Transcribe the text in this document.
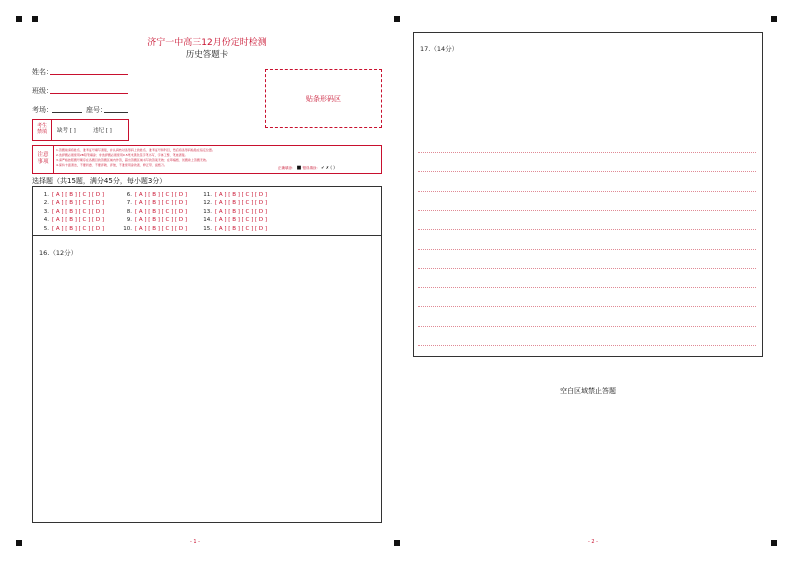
济宁一中高三12月份定时检测
历史答题卡
姓名：
班级：
考场：	座号：
贴条形码区
考生
禁填	缺考 [ ]	违纪 [ ]
注意
事项
1.答题前请将姓名、准考证号填写清楚，并认真核对条形码上的姓名、准考证号和科目，然后将条形码粘贴在指定位置。
2.选择题必须使用2B铅笔填涂；非选择题必须使用0.5毫米黑色签字笔书写，字体工整、笔迹清楚。
3.请严格按照题号顺序在各题目的答题区域内作答，超出答题区域书写的答案无效；在草稿纸、试题卷上答题无效。
4.保持卡面清洁，不要折叠、不要弄破、弄皱，不准使用涂改液、修正带、刮纸刀。
正确填涂： ■ 错误填涂： ✔ ✗ ( )
选择题（共15题，满分45分，每小题3分）
1. [ A ] [ B ] [ C ] [ D ]
2. [ A ] [ B ] [ C ] [ D ]
3. [ A ] [ B ] [ C ] [ D ]
4. [ A ] [ B ] [ C ] [ D ]
5. [ A ] [ B ] [ C ] [ D ]
6. [ A ] [ B ] [ C ] [ D ]
7. [ A ] [ B ] [ C ] [ D ]
8. [ A ] [ B ] [ C ] [ D ]
9. [ A ] [ B ] [ C ] [ D ]
10. [ A ] [ B ] [ C ] [ D ]
11. [ A ] [ B ] [ C ] [ D ]
12. [ A ] [ B ] [ C ] [ D ]
13. [ A ] [ B ] [ C ] [ D ]
14. [ A ] [ B ] [ C ] [ D ]
15. [ A ] [ B ] [ C ] [ D ]
16.（12分）
- 1 -
17.（14分）
空白区域禁止答题
- 2 -
